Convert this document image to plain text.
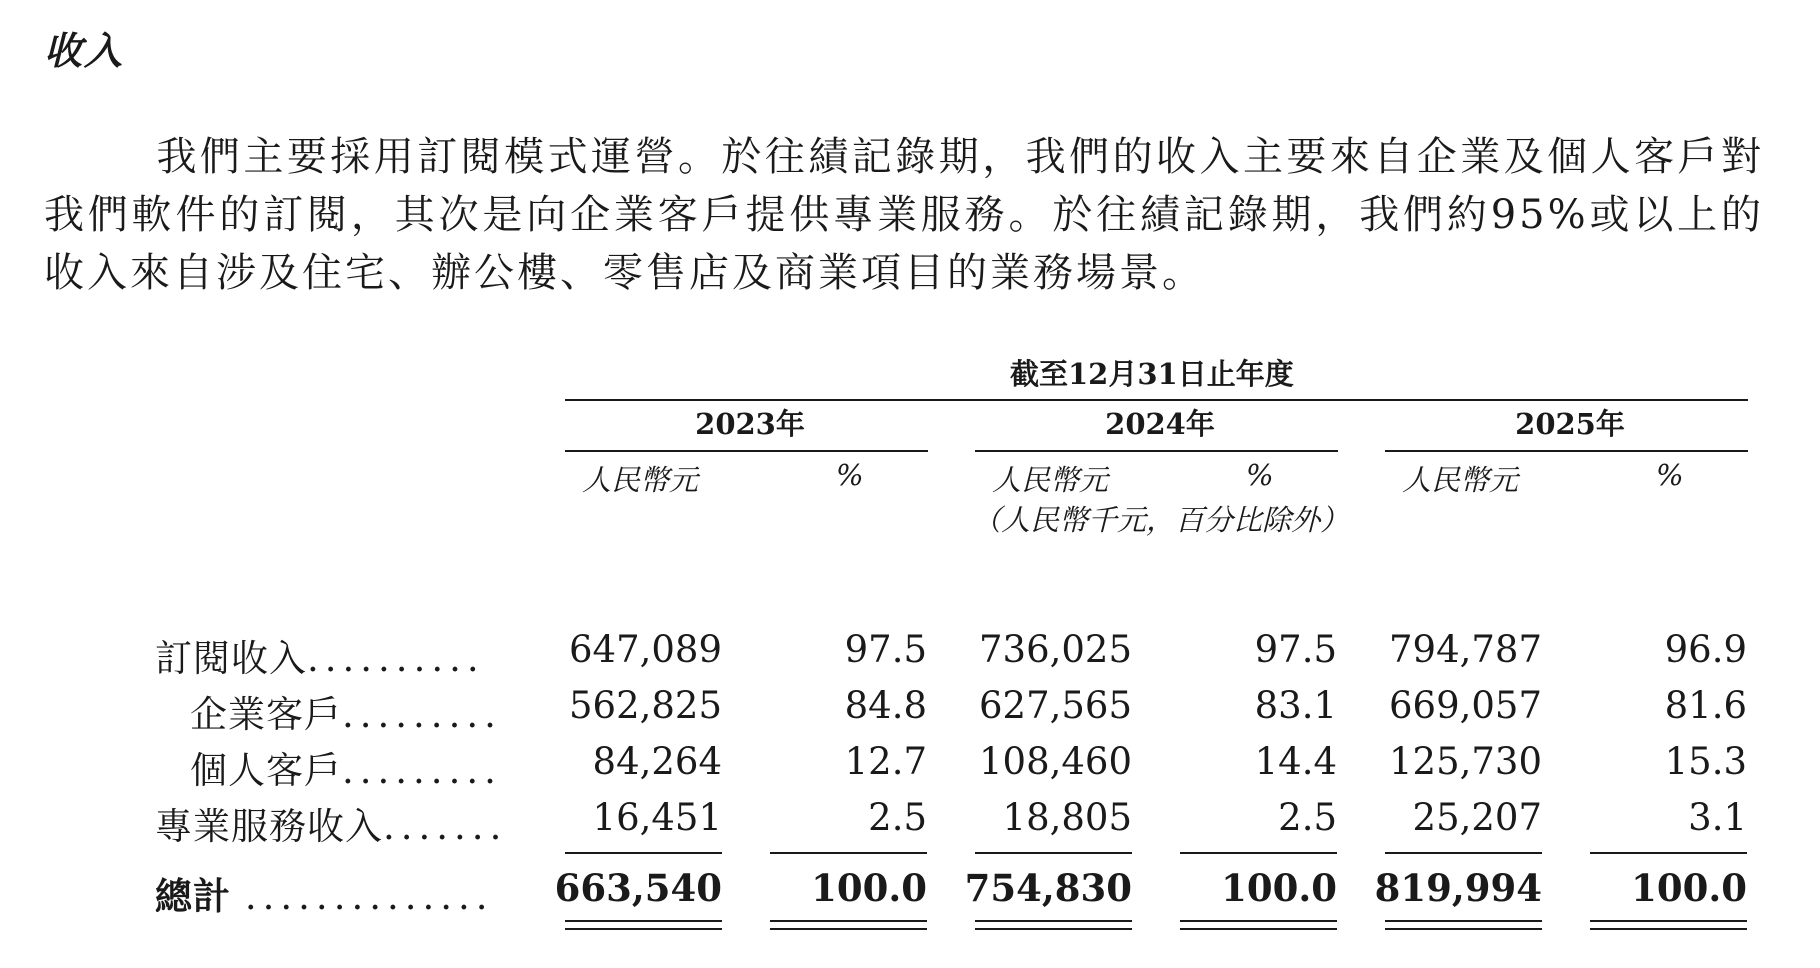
收入
我們主要採用訂閱模式運營。於往績記錄期，我們的收入主要來自企業及個人客戶對我們軟件的訂閱，其次是向企業客戶提供專業服務。於往績記錄期，我們約95%或以上的收入來自涉及住宅、辦公樓、零售店及商業項目的業務場景。
截至12月31日止年度
2023年	2024年	2025年
人民幣元	%	人民幣元	%	人民幣元	%
（人民幣千元，百分比除外）
訂閱收入.......... 647,089	97.5 736,025	97.5 794,787	96.9
企業客戶......... 562,825	84.8 627,565	83.1 669,057	81.6
個人客戶......... 84,264	12.7 108,460	14.4 125,730	15.3
專業服務收入....... 16,451	2.5 18,805	2.5 25,207	3.1
總計 .............. 663,540 100.0 754,830 100.0 819,994 100.0
